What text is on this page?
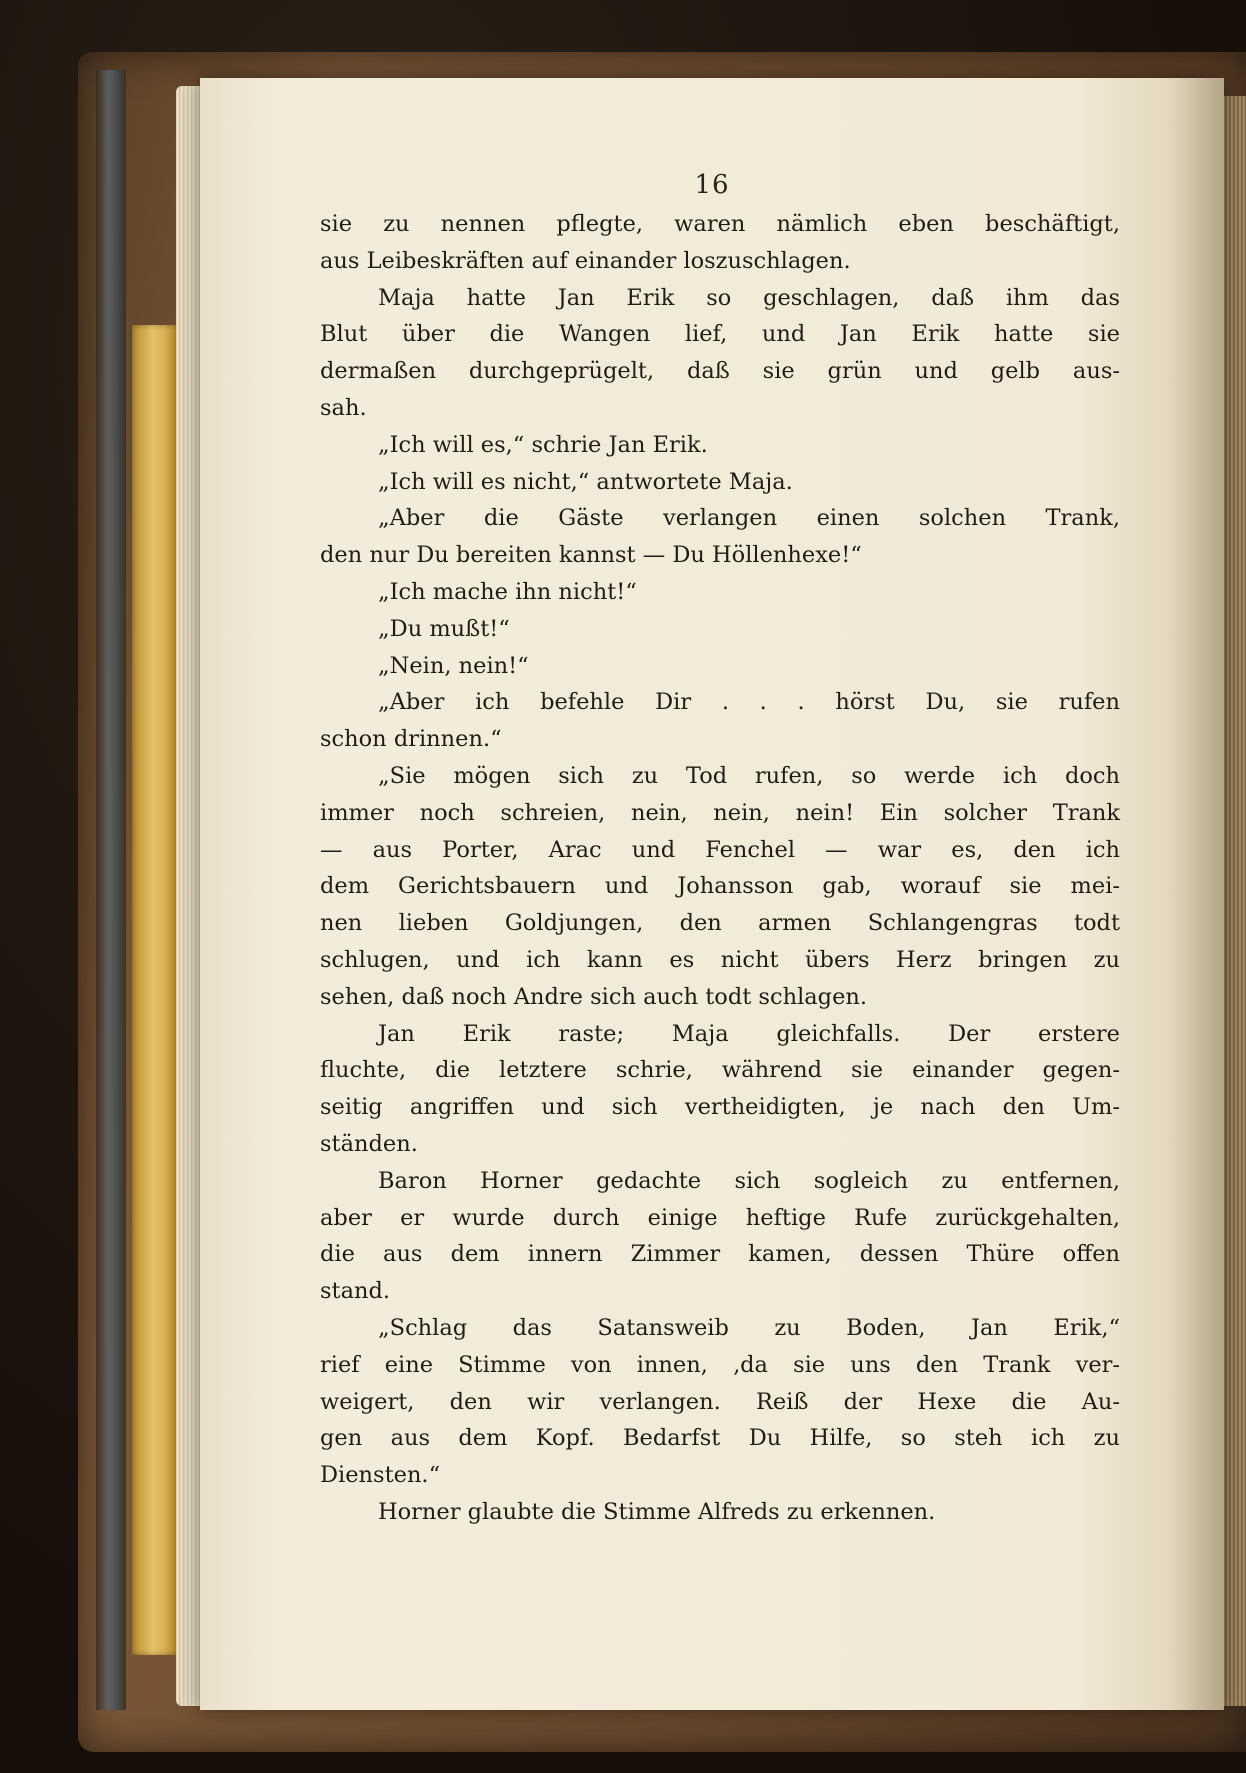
16
sie zu nennen pflegte, waren nämlich eben beschäftigt,
aus Leibeskräften auf einander loszuschlagen.
Maja hatte Jan Erik so geschlagen, daß ihm das
Blut über die Wangen lief, und Jan Erik hatte sie
dermaßen durchgeprügelt, daß sie grün und gelb aus-
sah.
„Ich will es,“ schrie Jan Erik.
„Ich will es nicht,“ antwortete Maja.
„Aber die Gäste verlangen einen solchen Trank,
den nur Du bereiten kannst — Du Höllenhexe!“
„Ich mache ihn nicht!“
„Du mußt!“
„Nein, nein!“
„Aber ich befehle Dir . . . hörst Du, sie rufen
schon drinnen.“
„Sie mögen sich zu Tod rufen, so werde ich doch
immer noch schreien, nein, nein, nein! Ein solcher Trank
— aus Porter, Arac und Fenchel — war es, den ich
dem Gerichtsbauern und Johansson gab, worauf sie mei-
nen lieben Goldjungen, den armen Schlangengras todt
schlugen, und ich kann es nicht übers Herz bringen zu
sehen, daß noch Andre sich auch todt schlagen.
Jan Erik raste; Maja gleichfalls. Der erstere
fluchte, die letztere schrie, während sie einander gegen-
seitig angriffen und sich vertheidigten, je nach den Um-
ständen.
Baron Horner gedachte sich sogleich zu entfernen,
aber er wurde durch einige heftige Rufe zurückgehalten,
die aus dem innern Zimmer kamen, dessen Thüre offen
stand.
„Schlag das Satansweib zu Boden, Jan Erik,“
rief eine Stimme von innen, ‚da sie uns den Trank ver-
weigert, den wir verlangen. Reiß der Hexe die Au-
gen aus dem Kopf. Bedarfst Du Hilfe, so steh ich zu
Diensten.“
Horner glaubte die Stimme Alfreds zu erkennen.
